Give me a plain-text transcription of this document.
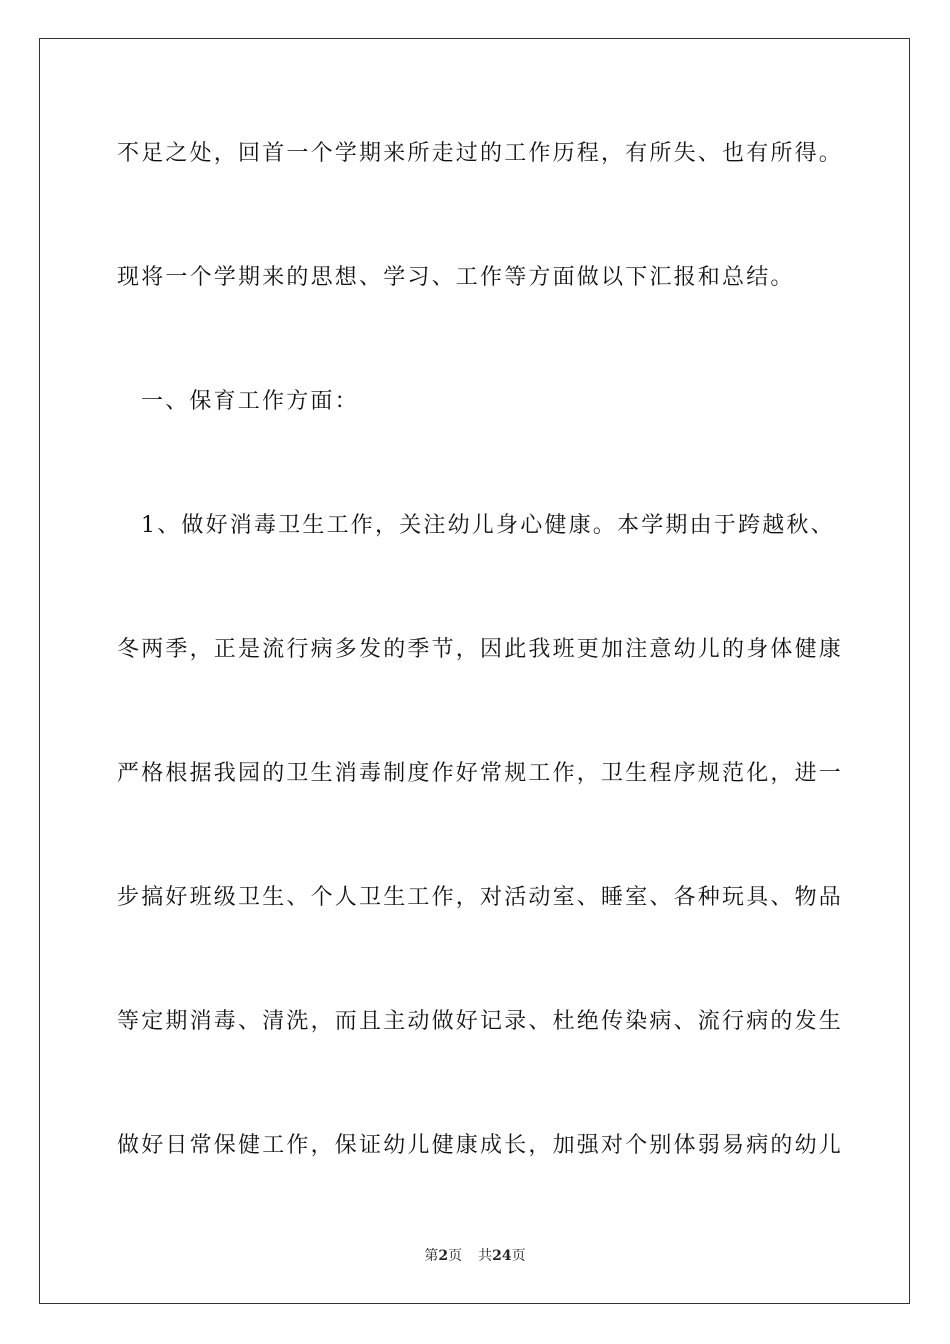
不足之处，回首一个学期来所走过的工作历程，有所失、也有所得。
现将一个学期来的思想、学习、工作等方面做以下汇报和总结。
一、保育工作方面：
1、做好消毒卫生工作，关注幼儿身心健康。本学期由于跨越秋、
冬两季，正是流行病多发的季节，因此我班更加注意幼儿的身体健康
严格根据我园的卫生消毒制度作好常规工作，卫生程序规范化，进一
步搞好班级卫生、个人卫生工作，对活动室、睡室、各种玩具、物品
等定期消毒、清洗，而且主动做好记录、杜绝传染病、流行病的发生
做好日常保健工作，保证幼儿健康成长，加强对个别体弱易病的幼儿
第2页 共24页
